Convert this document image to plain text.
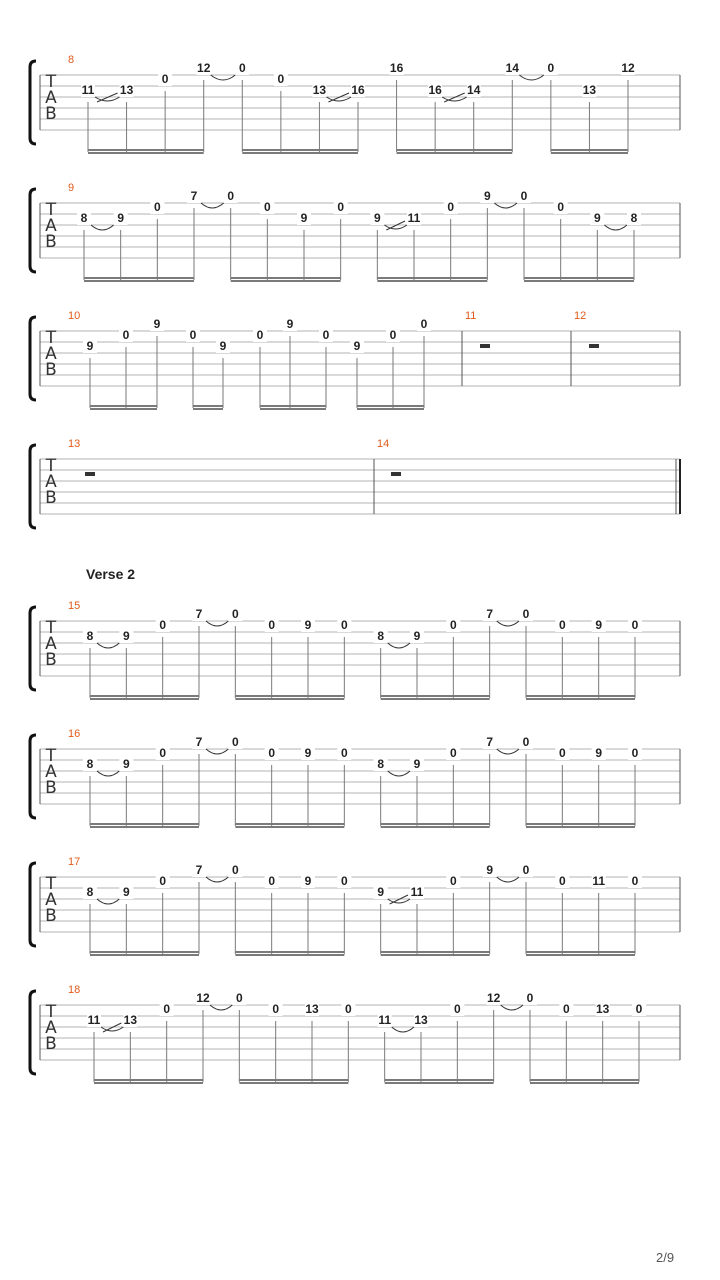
T
A
B
8
11 13
0
12 0
0
13 16
16
16 14
14 0
13
12
T
A
B
9
8 9
0
7 0
0
9
0
9 11
0
9 0
0
9 8
T
A
B
10
9
0
9
0
9
0
9
0
9
0
0
11	12
T
A
B
13	14
T
A
B
15
8 9
0
7 0
0 9 0
8 9
0
7 0
0 9 0
T
A
B
16
8 9
0
7 0
0 9 0
8 9
0
7 0
0 9 0
T
A
B
17
8 9
0
7 0
0 9 0
9 11
0
9 0
0 11 0
T
A
B
18
11 13
0
12 0
0 13 0
11 13
0
12 0
0 13 0
Verse 2
2/9
